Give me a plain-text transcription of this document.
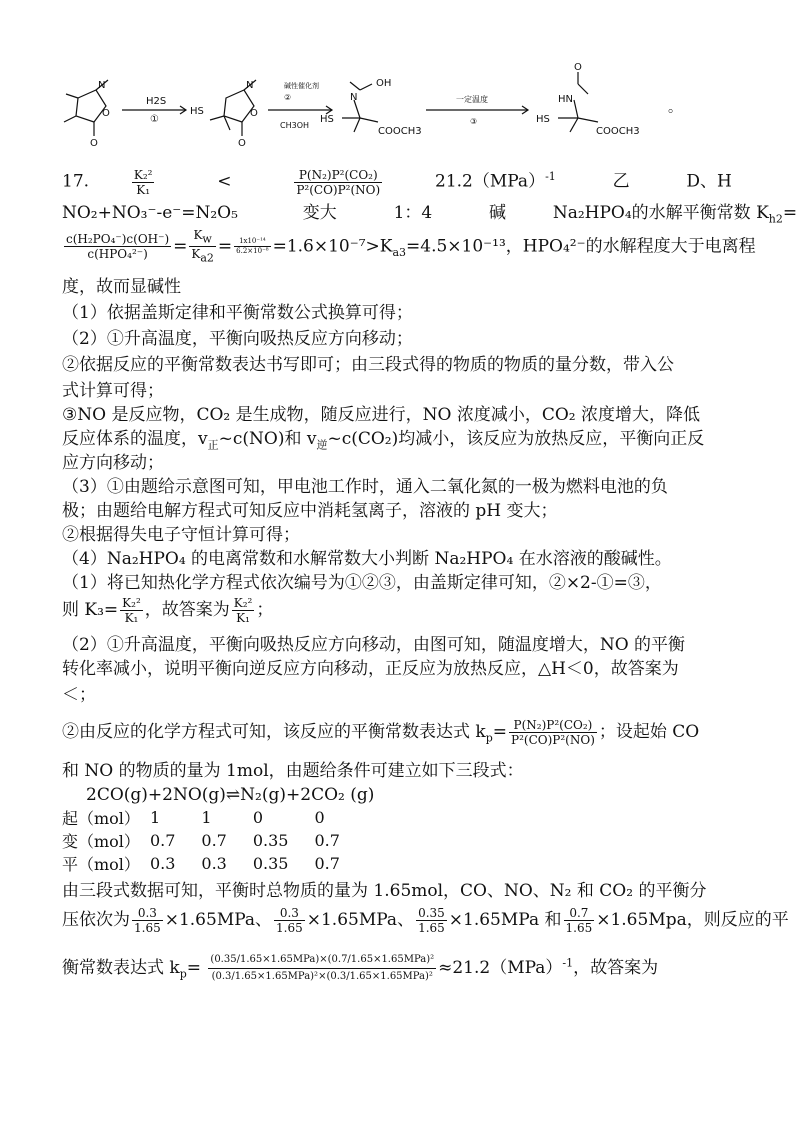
N
O
O
H2S
①
HS
N
O
O
碱性催化剂
②
CH3OH
N
OH
HS
COOCH3
一定温度
③
O
HN
HS
COOCH3
。
17.	$\frac{\text{K₂²}}{\text{K₁}}$	<	$\frac{\text{P(N₂)P²(CO₂)}}{\text{P²(CO)P²(NO)}}$	21.2（MPa）$^{-1}$	乙	D、H
NO₂+NO₃⁻-e⁻=N₂O₅	变大	1：4	碱	Na₂HPO₄的水解平衡常数 $K_{h2}=$
$\frac{\text{c(H₂PO₄⁻)c(OH⁻)}}{\text{c(HPO₄²⁻)}} = \frac{K_w}{K_{a2}} = \frac{\text{1x10⁻¹⁴}}{\text{6.2×10⁻⁸}} =1.6\times 10^{-7}>K_{a3}=4.5\times 10^{-13}$，HPO₄²⁻的水解程度大于电离程
度，故而显碱性
（1）依据盖斯定律和平衡常数公式换算可得；
（2）①升高温度，平衡向吸热反应方向移动；
②依据反应的平衡常数表达书写即可；由三段式得的物质的物质的量分数，带入公
式计算可得；
③NO 是反应物，CO₂ 是生成物，随反应进行，NO 浓度减小，CO₂ 浓度增大，降低
反应体系的温度，$v_正\sim c(NO)$和 $v_逆\sim c(CO_2)$均减小，该反应为放热反应，平衡向正反
应方向移动；
（3）①由题给示意图可知，甲电池工作时，通入二氧化氮的一极为燃料电池的负
极；由题给电解方程式可知反应中消耗氢离子，溶液的 pH 变大；
②根据得失电子守恒计算可得；
（4）Na₂HPO₄ 的电离常数和水解常数大小判断 Na₂HPO₄ 在水溶液的酸碱性。
（1）将已知热化学方程式依次编号为①②③，由盖斯定律可知，②×2-①=③，
则 $K_3= \frac{\text{K₂²}}{\text{K₁}}$ ，故答案为 $\frac{\text{K₂²}}{\text{K₁}}$ ；
（2）①升高温度，平衡向吸热反应方向移动，由图可知，随温度增大，NO 的平衡
转化率减小，说明平衡向逆反应方向移动，正反应为放热反应，△H＜0，故答案为
＜；
②由反应的化学方程式可知，该反应的平衡常数表达式 $k_p= \frac{\text{P(N₂)P²(CO₂)}}{\text{P²(CO)P²(NO)}}$ ；设起始 CO
和 NO 的物质的量为 1mol，由题给条件可建立如下三段式：
2CO(g)+2NO(g)⇌N₂(g)+2CO₂ (g)
起（mol）	1	1	0	0
变（mol）	0.7	0.7	0.35	0.7
平（mol）	0.3	0.3	0.35	0.7
由三段式数据可知，平衡时总物质的量为 1.65mol，CO、NO、N₂ 和 CO₂ 的平衡分
压依次为 $\frac{0.3}{1.65} \times 1.65MPa$、 $\frac{0.3}{1.65} \times 1.65MPa$、 $\frac{0.35}{1.65} \times 1.65MPa$ 和 $\frac{0.7}{1.65} \times 1.65Mpa$，则反应的平
衡常数表达式 $k_p= \frac{\text{(0.35/1.65×1.65MPa)×(0.7/1.65×1.65MPa)²}}{\text{(0.3/1.65×1.65MPa)²×(0.3/1.65×1.65MPa)²}} \approx 21.2(MPa)^{-1}$，故答案为
